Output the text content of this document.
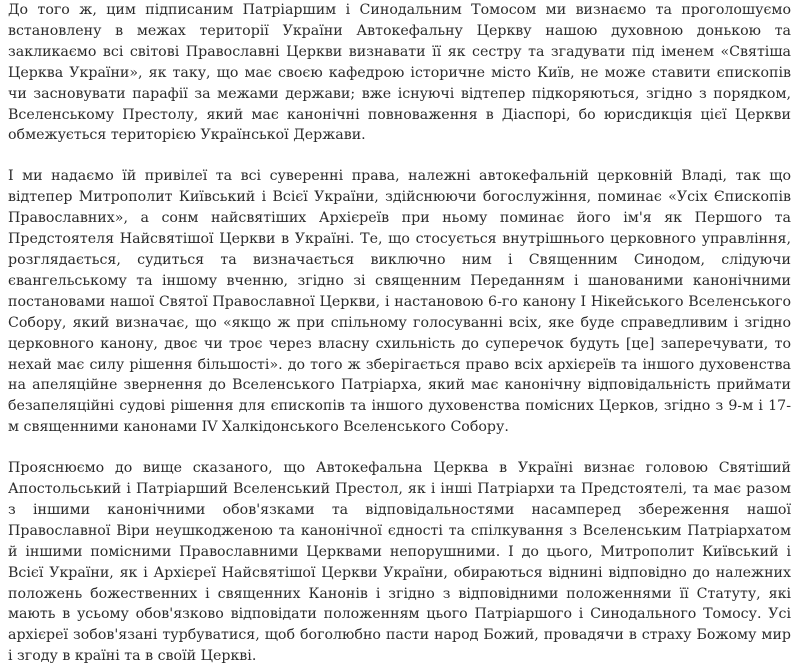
До того ж, цим підписаним Патріаршим і Синодальним Томосом ми визнаємо та проголошуємо встановлену в межах території України Автокефальну Церкву нашою духовною донькою та закликаємо всі світові Православні Церкви визнавати її як сестру та згадувати під іменем «Святіша Церква України», як таку, що має своєю кафедрою історичне місто Київ, не може ставити єпископів чи засновувати парафії за межами держави; вже існуючі відтепер підкоряються, згідно з порядком, Вселенському Престолу, який має канонічні повноваження в Діаспорі, бо юрисдикція цієї Церкви обмежується територією Української Держави.

І ми надаємо їй привілеї та всі суверенні права, належні автокефальній церковній Владі, так що відтепер Митрополит Київський і Всієї України, здійснюючи богослужіння, поминає «Усіх Єпископів Православних», а сонм найсвятіших Архієреїв при ньому поминає його ім'я як Першого та Предстоятеля Найсвятішої Церкви в Україні. Те, що стосується внутрішнього церковного управління, розглядається, судиться та визначається виключно ним і Священним Синодом, слідуючи євангельському та іншому вченню, згідно зі священним Переданням і шанованими канонічними постановами нашої Святої Православної Церкви, і настановою 6-го канону І Нікейського Вселенського Собору, який визначає, що «якщо ж при спільному голосуванні всіх, яке буде справедливим і згідно церковного канону, двоє чи троє через власну схильність до суперечок будуть [це] заперечувати, то нехай має силу рішення більшості». до того ж зберігається право всіх архієреїв та іншого духовенства на апеляційне звернення до Вселенського Патріарха, який має канонічну відповідальність приймати безапеляційні судові рішення для єпископів та іншого духовенства помісних Церков, згідно з 9-м і 17-м священними канонами IV Халкідонського Вселенського Собору.

Прояснюємо до вище сказаного, що Автокефальна Церква в Україні визнає головою Святіший Апостольський і Патріарший Вселенський Престол, як і інші Патріархи та Предстоятелі, та має разом з іншими канонічними обов'язками та відповідальностями насамперед збереження нашої Православної Віри неушкодженою та канонічної єдності та спілкування з Вселенським Патріархатом й іншими помісними Православними Церквами непорушними. І до цього, Митрополит Київський і Всієї України, як і Архієреї Найсвятішої Церкви України, обираються віднині відповідно до належних положень божественних і священних Канонів і згідно з відповідними положеннями її Статуту, які мають в усьому обов'язково відповідати положенням цього Патріаршого і Синодального Томосу. Усі архієреї зобов'язані турбуватися, щоб боголюбно пасти народ Божий, провадячи в страху Божому мир і згоду в країні та в своїй Церкві.
